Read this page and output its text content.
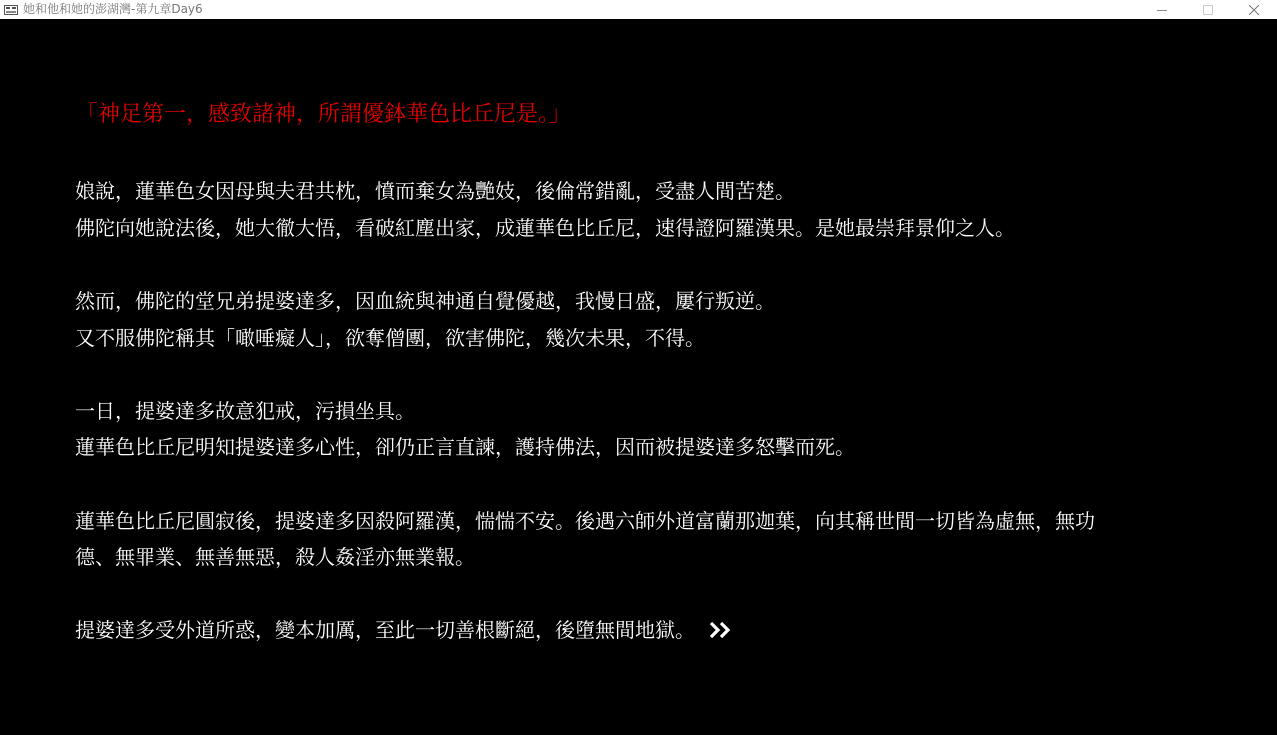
她和他和她的澎湖灣-第九章Day6
「神足第一，感致諸神，所謂優鉢華色比丘尼是。」
娘說，蓮華色女因母與夫君共枕，憤而棄女為艷妓，後倫常錯亂，受盡人間苦楚。
佛陀向她說法後，她大徹大悟，看破紅塵出家，成蓮華色比丘尼，速得證阿羅漢果。是她最崇拜景仰之人。
然而，佛陀的堂兄弟提婆達多，因血統與神通自覺優越，我慢日盛，屢行叛逆。
又不服佛陀稱其「噉唾癡人」，欲奪僧團，欲害佛陀，幾次未果，不得。
一日，提婆達多故意犯戒，污損坐具。
蓮華色比丘尼明知提婆達多心性，卻仍正言直諫，護持佛法，因而被提婆達多怒擊而死。
蓮華色比丘尼圓寂後，提婆達多因殺阿羅漢，惴惴不安。後遇六師外道富蘭那迦葉，向其稱世間一切皆為虛無，無功
德、無罪業、無善無惡，殺人姦淫亦無業報。
提婆達多受外道所惑，變本加厲，至此一切善根斷絕，後墮無間地獄。
